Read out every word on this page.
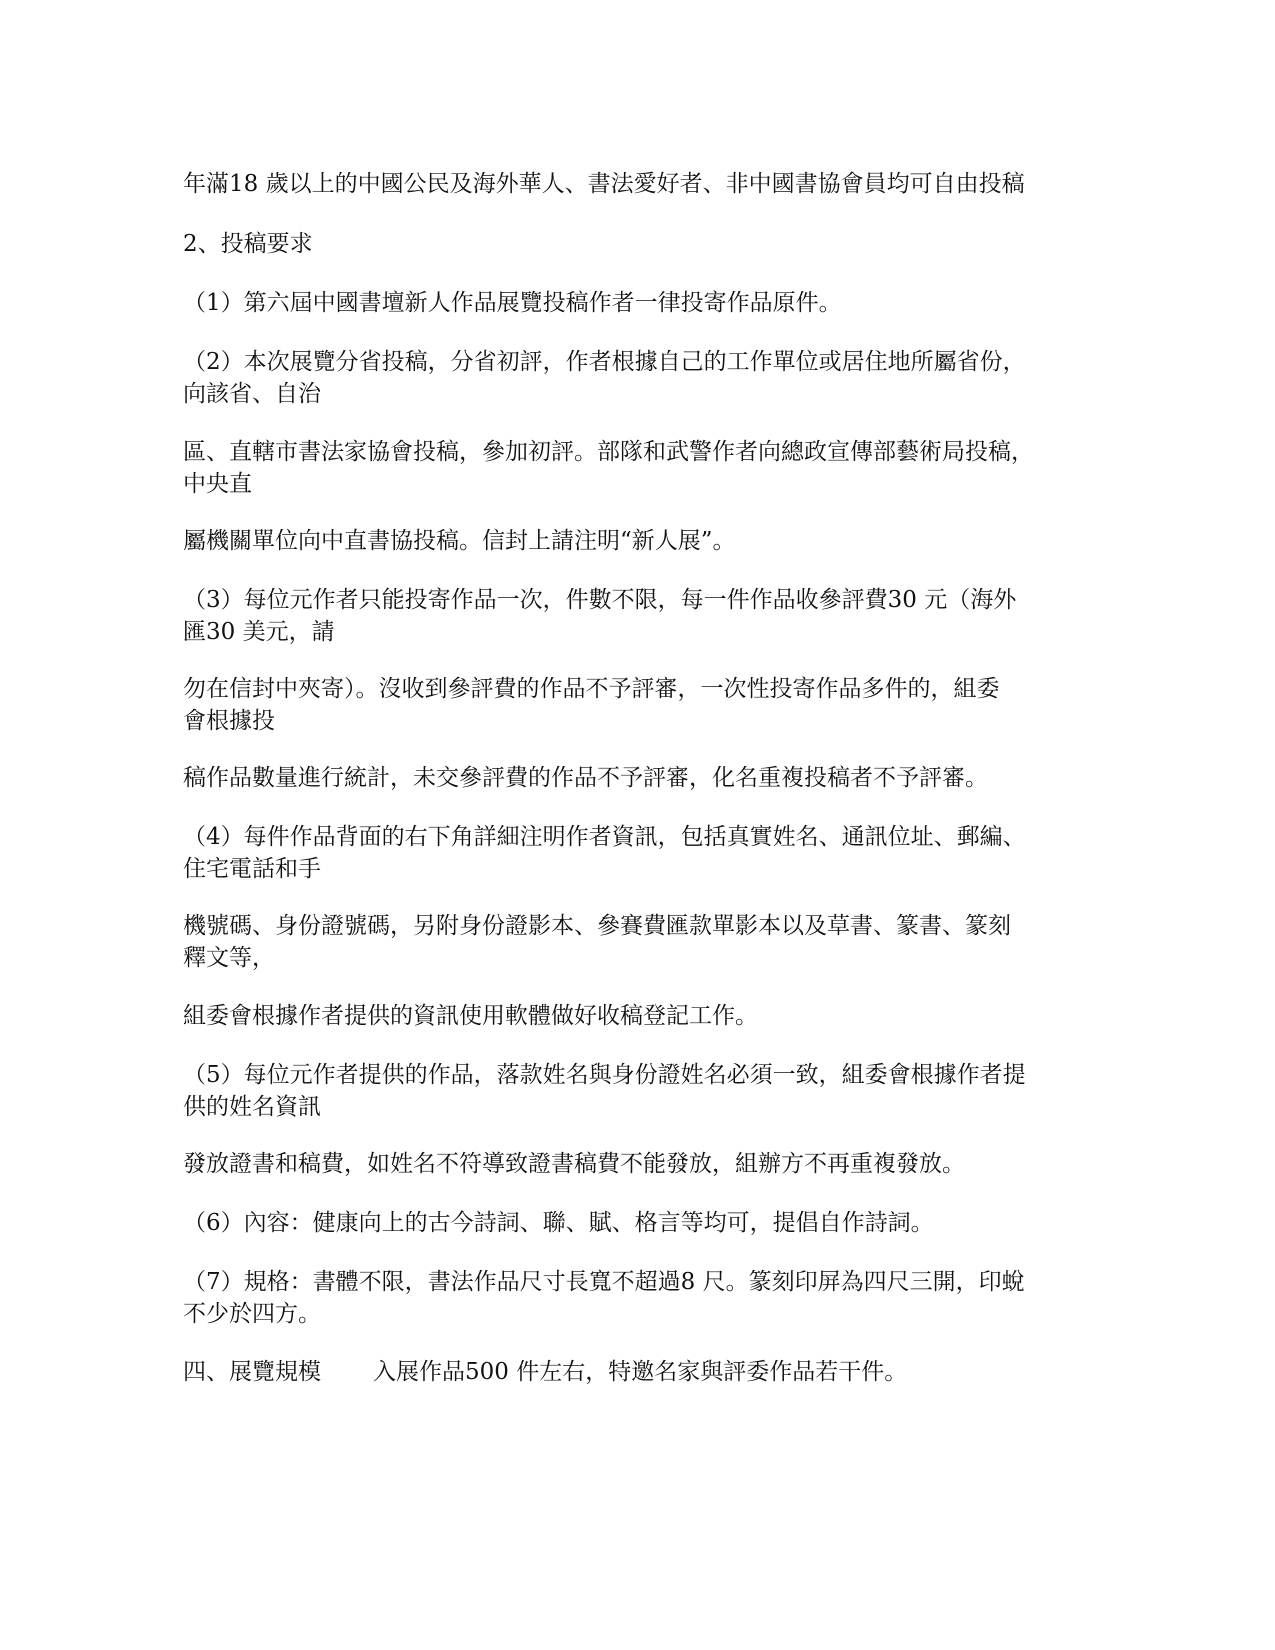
年滿18 歲以上的中國公民及海外華人、書法愛好者、非中國書協會員均可自由投稿
2、投稿要求
（1）第六屆中國書壇新人作品展覽投稿作者一律投寄作品原件。
（2）本次展覽分省投稿，分省初評，作者根據自己的工作單位或居住地所屬省份，
向該省、自治
區、直轄市書法家協會投稿，參加初評。部隊和武警作者向總政宣傳部藝術局投稿，
中央直
屬機關單位向中直書協投稿。信封上請注明“新人展”。
（3）每位元作者只能投寄作品一次，件數不限，每一件作品收參評費30 元（海外
匯30 美元，請
勿在信封中夾寄）。沒收到參評費的作品不予評審，一次性投寄作品多件的，組委
會根據投
稿作品數量進行統計，未交參評費的作品不予評審，化名重複投稿者不予評審。
（4）每件作品背面的右下角詳細注明作者資訊，包括真實姓名、通訊位址、郵編、
住宅電話和手
機號碼、身份證號碼，另附身份證影本、參賽費匯款單影本以及草書、篆書、篆刻
釋文等，
組委會根據作者提供的資訊使用軟體做好收稿登記工作。
（5）每位元作者提供的作品，落款姓名與身份證姓名必須一致，組委會根據作者提
供的姓名資訊
發放證書和稿費，如姓名不符導致證書稿費不能發放，組辦方不再重複發放。
（6）內容：健康向上的古今詩詞、聯、賦、格言等均可，提倡自作詩詞。
（7）規格：書體不限，書法作品尺寸長寬不超過8 尺。篆刻印屏為四尺三開，印蛻
不少於四方。
四、展覽規模 入展作品500 件左右，特邀名家與評委作品若干件。
